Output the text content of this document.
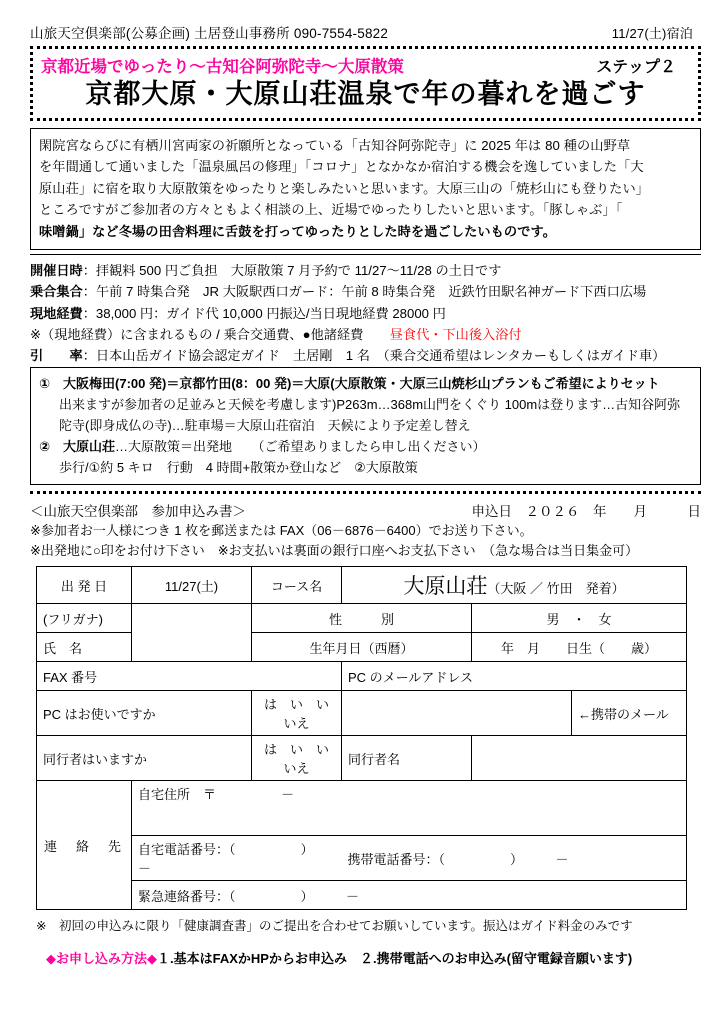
山旅天空倶楽部(公募企画) 土居登山事務所 090-7554-5822	11/27(土)宿泊
京都近場でゆったり～古知谷阿弥陀寺～大原散策	ステップ２
京都大原・大原山荘温泉で年の暮れを過ごす
閑院宮ならびに有栖川宮両家の祈願所となっている「古知谷阿弥陀寺」に 2025 年は 80 種の山野草
を年間通して通いました「温泉風呂の修理」「コロナ」となかなか宿泊する機会を逸していました「大
原山荘」に宿を取り大原散策をゆったりと楽しみたいと思います。大原三山の「焼杉山にも登りたい」
ところですがご参加者の方々ともよく相談の上、近場でゆったりしたいと思います。「豚しゃぶ」「
味噌鍋」など冬場の田舎料理に舌鼓を打ってゆったりとした時を過ごしたいものです。
開催日時：拝観料 500 円ご負担　大原散策 7 月予約で 11/27～11/28 の土日です
乗合集合：午前 7 時集合発　JR 大阪駅西口ガード：午前 8 時集合発　近鉄竹田駅名神ガード下西口広場
現地経費：38,000 円：ガイド代 10,000 円振込/当日現地経費 28000 円
※（現地経費）に含まれるもの / 乗合交通費、●他諸経費　　昼食代・下山後入浴付
引　　率：日本山岳ガイド協会認定ガイド　土居剛　1 名　（乗合交通希望はレンタカーもしくはガイド車）
①　 大阪梅田(7:00 発)＝京都竹田(8：00 発)＝大原(大原散策・大原三山焼杉山プランもご希望によりセット
出来ますが参加者の足並みと天候を考慮します)P263m…368m山門をくぐり 100mは登ります…古知谷阿弥
陀寺(即身成仏の寺)…駐車場＝大原山荘宿泊　天候により予定差し替え
②　 大原山荘…大原散策＝出発地　　（ご希望ありましたら申し出ください）
歩行/①約 5 キロ　行動　4 時間+散策か登山など　②大原散策
＜山旅天空倶楽部　参加申込み書＞	申込日　２０２６　年　　月　　　日
※参加者お一人様につき 1 枚を郵送または FAX（06－6876－6400）でお送り下さい。
※出発地に○印をお付け下さい　※お支払いは裏面の銀行口座へお支払下さい　（急な場合は当日集金可）
出 発 日	11/27(土)	コース名	大原山荘（大阪 ／ 竹田　発着）		
(フリガナ)		性　　　別		男　・　女	
氏　名		生年月日（西暦）		年　月　　日生（　　歳）	
FAX 番号			PC のメールアドレス		
PC はお使いですか		は　い　いいえ			←携帯のメール
同行者はいますか		は　い　いいえ	同行者名		
連　絡　先	自宅住所　〒　　　　　－				
	自宅電話番号：（　　　　　）　　　－		携帯電話番号：（　　　　　）　　　－		
	緊急連絡番号：（　　　　　）　　　－				
※　初回の申込みに限り「健康調査書」のご提出を合わせてお願いしています。振込はガイド料金のみです
◆お申し込み方法◆１.基本はFAXかHPからお申込み　２.携帯電話へのお申込み(留守電録音願います)
